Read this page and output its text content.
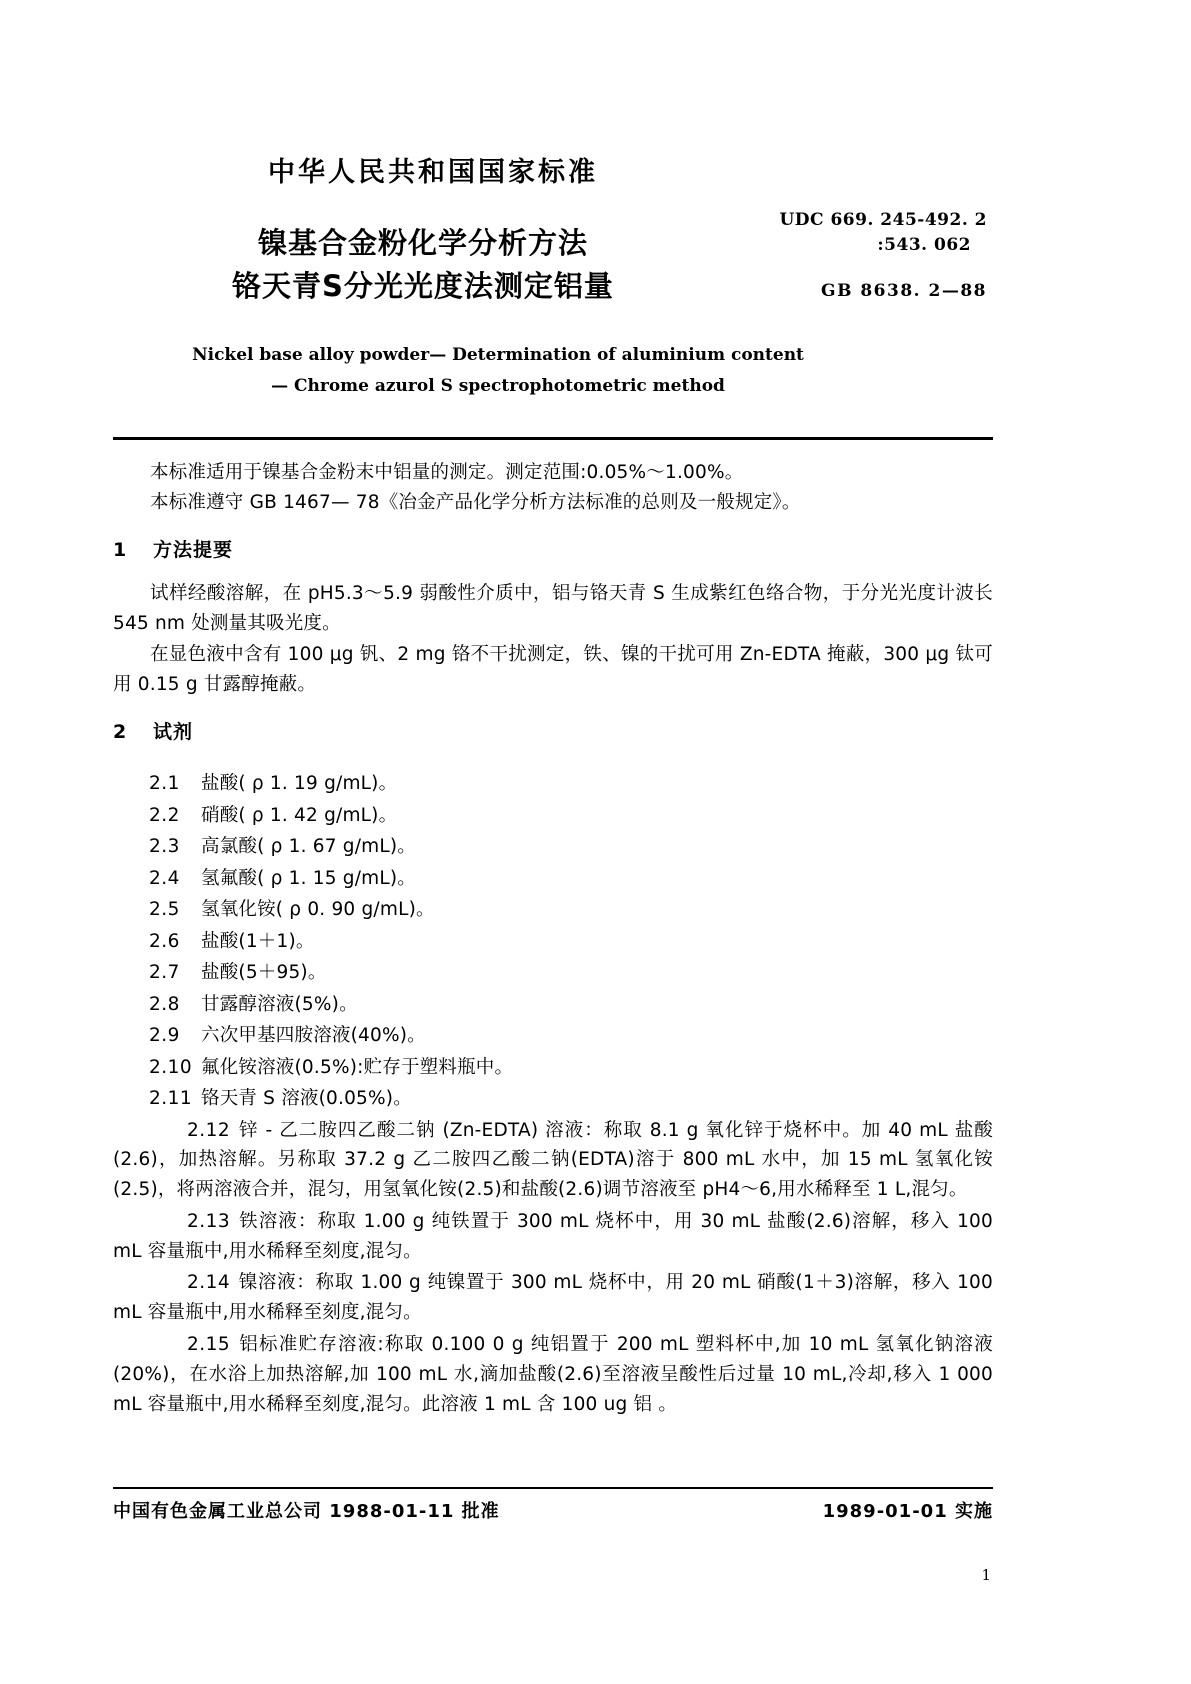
中华人民共和国国家标准
镍基合金粉化学分析方法
铬天青S分光光度法测定铝量
UDC 669. 245-492. 2
:543. 062
GB 8638. 2—88
Nickel base alloy powder— Determination of aluminium content
— Chrome azurol S spectrophotometric method

本标准适用于镍基合金粉末中铝量的测定。测定范围:0.05%～1.00%。

本标准遵守 GB 1467— 78《冶金产品化学分析方法标准的总则及一般规定》。

1 方法提要

试样经酸溶解，在 pH5.3～5.9 弱酸性介质中，铝与铬天青 S 生成紫红色络合物，于分光光度计波长 545 nm 处测量其吸光度。

在显色液中含有 100 μg 钒、2 mg 铬不干扰测定，铁、镍的干扰可用 Zn-EDTA 掩蔽，300 μg 钛可用 0.15 g 甘露醇掩蔽。

2 试剂

2.1 盐酸( ρ 1. 19 g/mL)。

2.2 硝酸( ρ 1. 42 g/mL)。

2.3 高氯酸( ρ 1. 67 g/mL)。

2.4 氢氟酸( ρ 1. 15 g/mL)。

2.5 氢氧化铵( ρ 0. 90 g/mL)。

2.6 盐酸(1＋1)。

2.7 盐酸(5＋95)。

2.8 甘露醇溶液(5%)。

2.9 六次甲基四胺溶液(40%)。

2.10 氟化铵溶液(0.5%):贮存于塑料瓶中。

2.11 铬天青 S 溶液(0.05%)。

2.12 锌 - 乙二胺四乙酸二钠 (Zn-EDTA) 溶液：称取 8.1 g 氧化锌于烧杯中。加 40 mL 盐酸(2.6)，加热溶解。另称取 37.2 g 乙二胺四乙酸二钠(EDTA)溶于 800 mL 水中，加 15 mL 氢氧化铵(2.5)，将两溶液合并，混匀，用氢氧化铵(2.5)和盐酸(2.6)调节溶液至 pH4～6,用水稀释至 1 L,混匀。

2.13 铁溶液：称取 1.00 g 纯铁置于 300 mL 烧杯中，用 30 mL 盐酸(2.6)溶解，移入 100 mL 容量瓶中,用水稀释至刻度,混匀。

2.14 镍溶液：称取 1.00 g 纯镍置于 300 mL 烧杯中，用 20 mL 硝酸(1＋3)溶解，移入 100 mL 容量瓶中,用水稀释至刻度,混匀。

2.15 铝标准贮存溶液:称取 0.100 0 g 纯铝置于 200 mL 塑料杯中,加 10 mL 氢氧化钠溶液(20%)，在水浴上加热溶解,加 100 mL 水,滴加盐酸(2.6)至溶液呈酸性后过量 10 mL,冷却,移入 1 000 mL 容量瓶中,用水稀释至刻度,混匀。此溶液 1 mL 含 100 ug 铝 。

中国有色金属工业总公司 1988-01-11 批准	1989-01-01 实施
1
